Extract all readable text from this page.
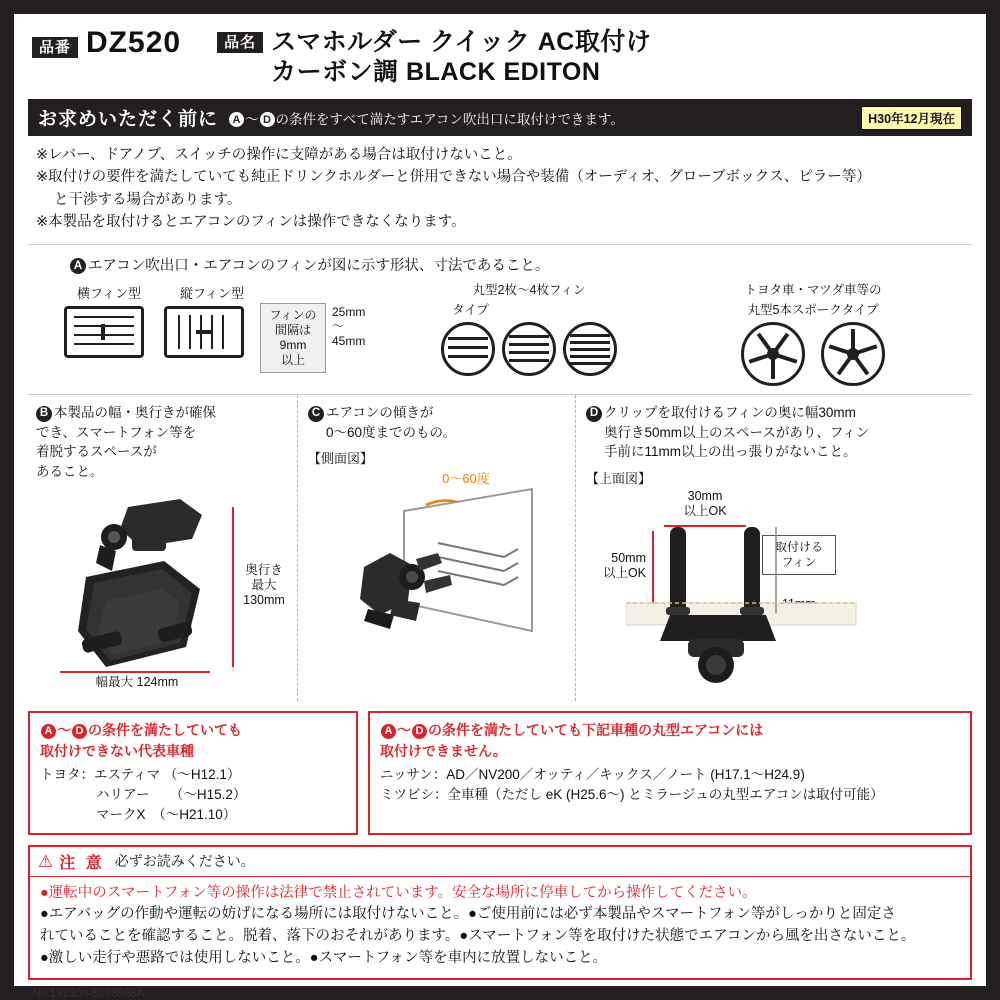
品番 DZ520	品名 スマホルダー クイック AC取付け
カーボン調 BLACK EDITON
お求めいただく前に	A 〜 D の条件をすべて満たすエアコン吹出口に取付けできます。	H30年12月現在
※レバー、ドアノブ、スイッチの操作に支障がある場合は取付けないこと。
※取付けの要件を満たしていても純正ドリンクホルダーと併用できない場合や装備（オーディオ、グローブボックス、ピラー等）
と干渉する場合があります。
※本製品を取付けるとエアコンのフィンは操作できなくなります。
A エアコン吹出口・エアコンのフィンが図に示す形状、寸法であること。
横フィン型	縦フィン型
フィンの
間隔は
9mm
以上
25mm
〜
45mm
丸型2枚〜4枚フィン
タイプ
トヨタ車・マツダ車等の
丸型5本スポークタイプ
B 本製品の幅・奥行きが確保
でき、スマートフォン等を
着脱するスペースが
あること。
奥行き
最大
130mm
幅最大 124mm
C エアコンの傾きが
0〜60度までのもの。
【側面図】
0〜60度
D クリップを取付けるフィンの奥に幅30mm
奥行き50mm以上のスペースがあり、フィン
手前に11mm以上の出っ張りがないこと。
【上面図】
30mm
以上OK
50mm
以上OK
取付ける
フィン
A 〜 D の条件を満たしていても
取付けできない代表車種
トヨタ：エスティマ （〜H12.1）
ハリアー　　（〜H15.2）
マークX　（〜H21.10）
A 〜 D の条件を満たしていても下記車種の丸型エアコンには
取付けできません。
ニッサン：AD／NV200／オッティ／キックス／ノート (H17.1〜H24.9)
ミツビシ：全車種（ただし eK (H25.6〜) とミラージュの丸型エアコンは取付可能）
⚠ 注 意 必ずお読みください。

●運転中のスマートフォン等の操作は法律で禁止されています。安全な場所に停車してから操作してください。

●エアバッグの作動や運転の妨げになる場所には取付けないこと。●ご使用前には必ず本製品やスマートフォン等がしっかりと固定さ

れていることを確認すること。脱着、落下のおそれがあります。●スマートフォン等を取付けた状態でエアコンから風を出さないこと。

●激しい走行や悪路では使用しないこと。●スマートフォン等を車内に放置しないこと。

No.19230n-5078968A
